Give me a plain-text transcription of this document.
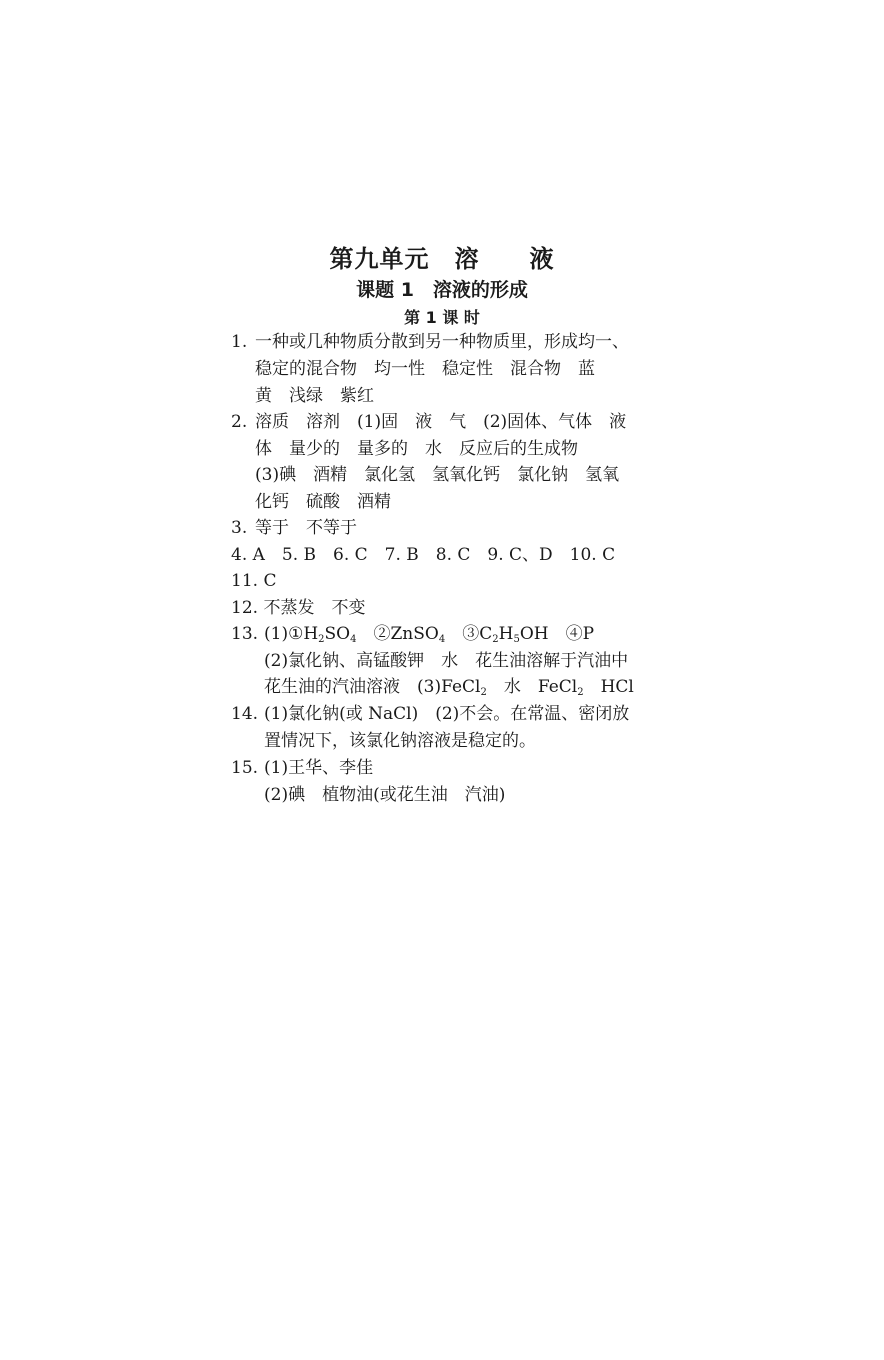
第九单元　溶　　液
课题 1　溶液的形成
第 1 课 时
1. 一种或几种物质分散到另一种物质里，形成均一、
稳定的混合物　均一性　稳定性　混合物　蓝
黄　浅绿　紫红
2. 溶质　溶剂　(1)固　液　气　(2)固体、气体　液
体　量少的　量多的　水　反应后的生成物
(3)碘　酒精　氯化氢　氢氧化钙　氯化钠　氢氧
化钙　硫酸　酒精
3. 等于　不等于
4. A　5. B　6. C　7. B　8. C　9. C、D　10. C
11. C
12. 不蒸发　不变
13. $(1)①H_2SO_4$　②ZnSO$_4$　$③C_2H_5OH$　④P
(2)氯化钠、高锰酸钾　水　花生油溶解于汽油中
花生油的汽油溶液　(3)FeCl$_2$　水　FeCl$_2$　HCl
14. (1)氯化钠(或 NaCl)　(2)不会。在常温、密闭放
置情况下，该氯化钠溶液是稳定的。
15. (1)王华、李佳
(2)碘　植物油(或花生油　汽油)
